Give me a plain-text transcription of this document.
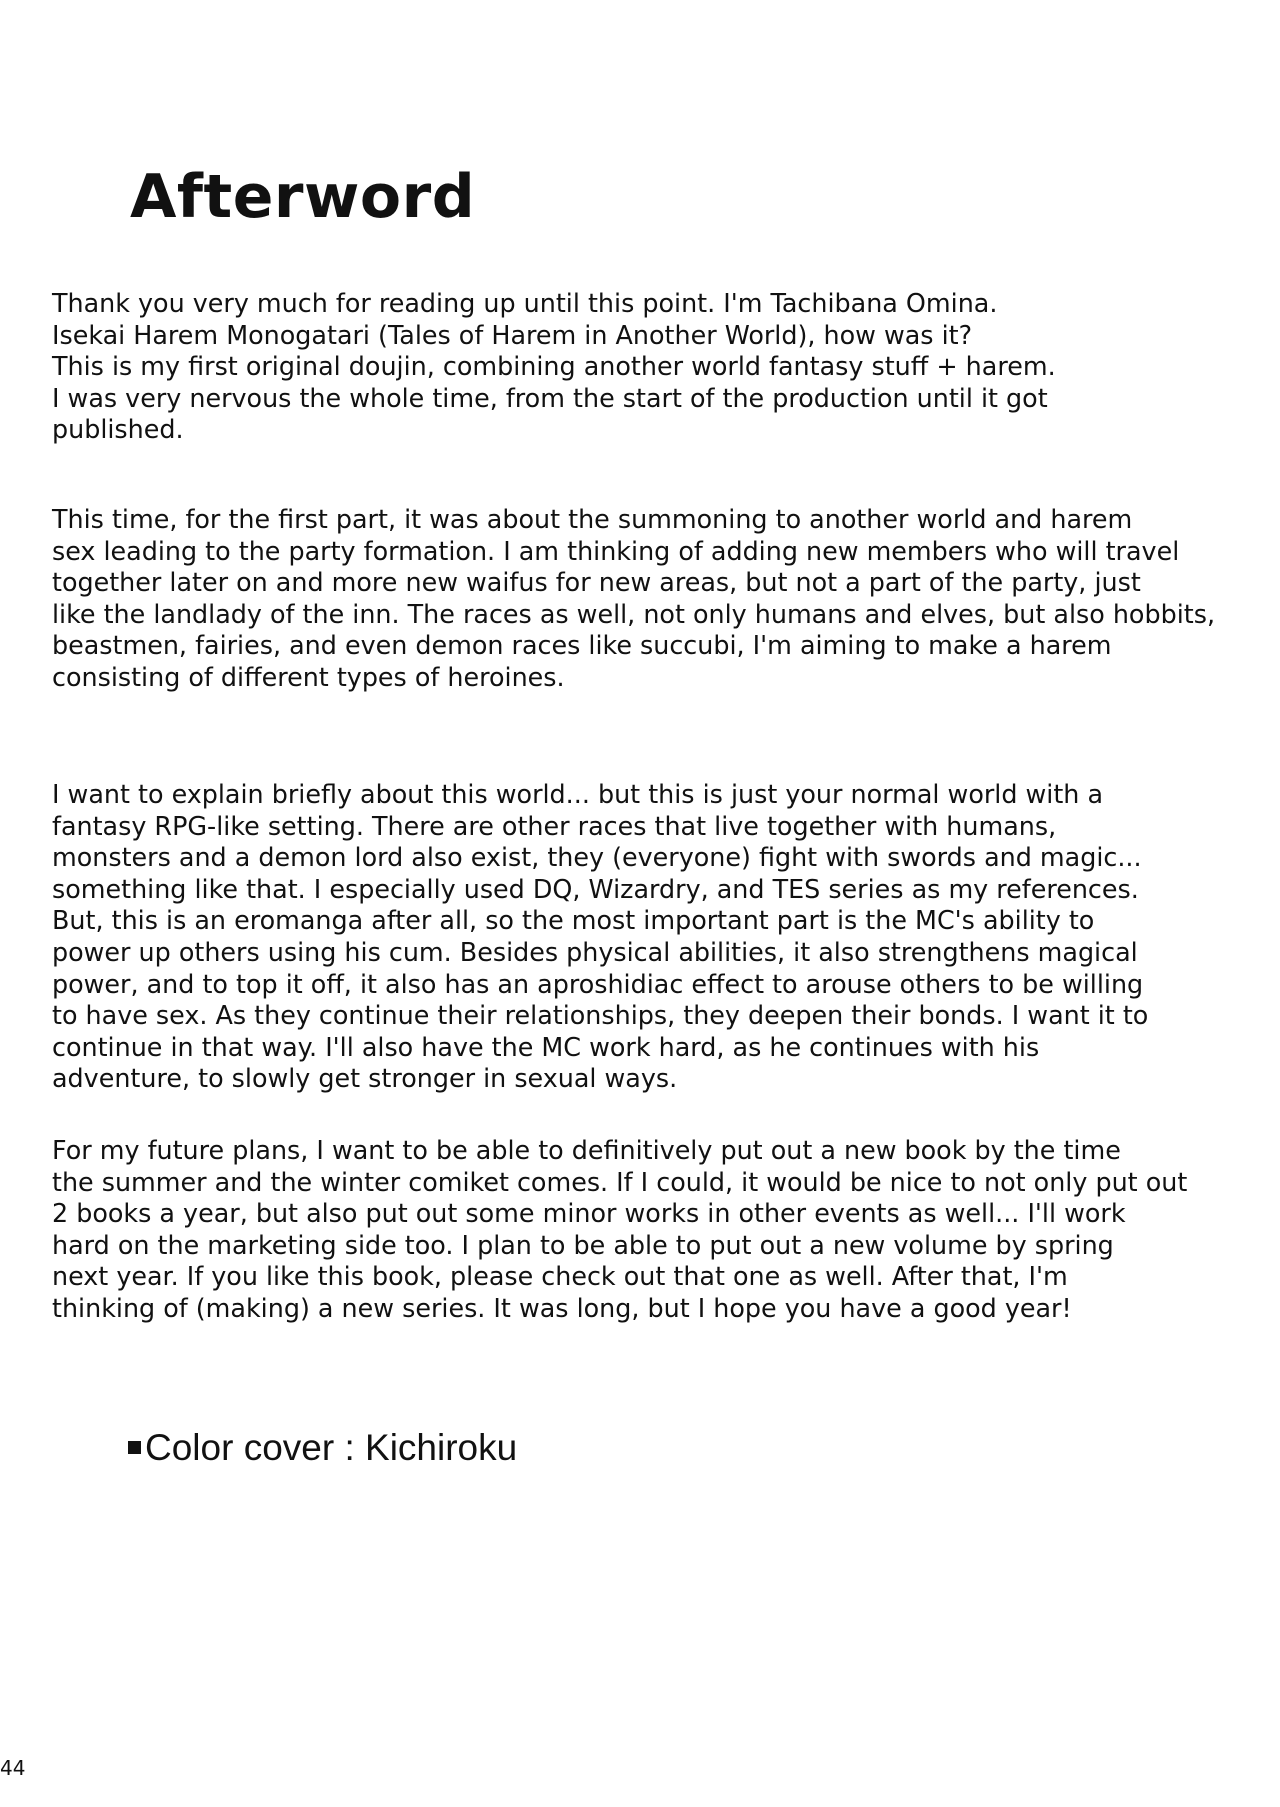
Afterword
Thank you very much for reading up until this point. I'm Tachibana Omina.
Isekai Harem Monogatari (Tales of Harem in Another World), how was it?
This is my first original doujin, combining another world fantasy stuff + harem.
I was very nervous the whole time, from the start of the production until it got
published.
This time, for the first part, it was about the summoning to another world and harem
sex leading to the party formation. I am thinking of adding new members who will travel
together later on and more new waifus for new areas, but not a part of the party, just
like the landlady of the inn. The races as well, not only humans and elves, but also hobbits,
beastmen, fairies, and even demon races like succubi, I'm aiming to make a harem
consisting of different types of heroines.
I want to explain briefly about this world... but this is just your normal world with a
fantasy RPG-like setting. There are other races that live together with humans,
monsters and a demon lord also exist, they (everyone) fight with swords and magic...
something like that. I especially used DQ, Wizardry, and TES series as my references.
But, this is an eromanga after all, so the most important part is the MC's ability to
power up others using his cum. Besides physical abilities, it also strengthens magical
power, and to top it off, it also has an aproshidiac effect to arouse others to be willing
to have sex. As they continue their relationships, they deepen their bonds. I want it to
continue in that way. I'll also have the MC work hard, as he continues with his
adventure, to slowly get stronger in sexual ways.
For my future plans, I want to be able to definitively put out a new book by the time
the summer and the winter comiket comes. If I could, it would be nice to not only put out
2 books a year, but also put out some minor works in other events as well... I'll work
hard on the marketing side too. I plan to be able to put out a new volume by spring
next year. If you like this book, please check out that one as well. After that, I'm
thinking of (making) a new series. It was long, but I hope you have a good year!
Color cover : Kichiroku
44
